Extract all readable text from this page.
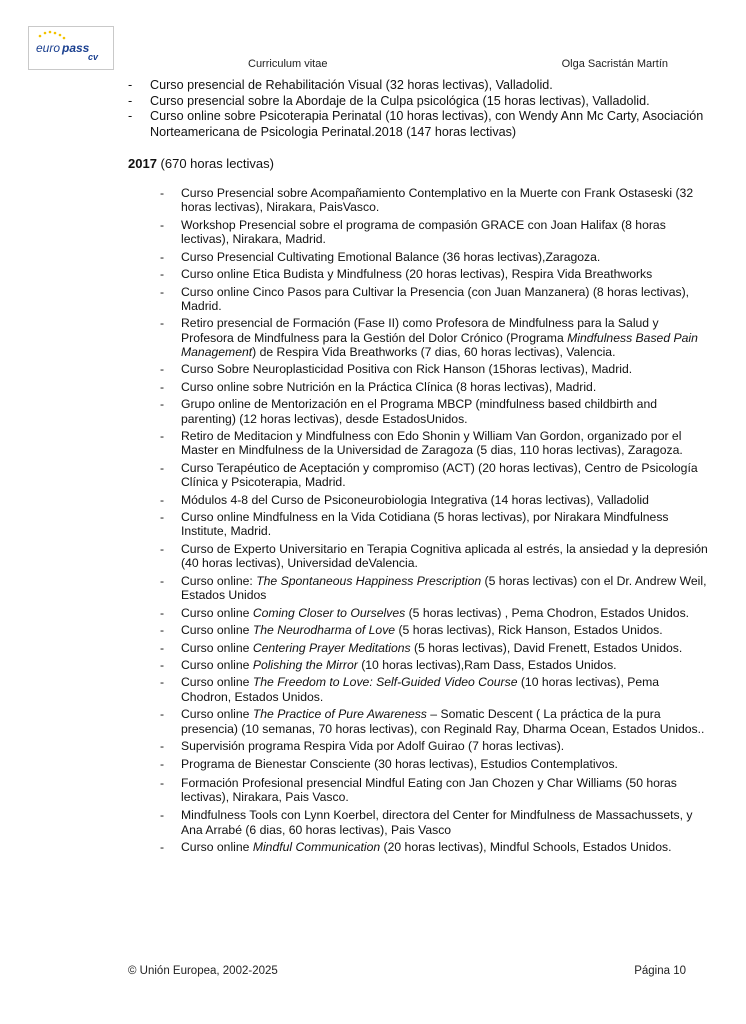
euro pass
cv
Curriculum vitae	Olga Sacristán Martín
- Curso presencial de Rehabilitación Visual (32 horas lectivas), Valladolid.
- Curso presencial sobre la Abordaje de la Culpa psicológica (15 horas lectivas), Valladolid.
- Curso online sobre Psicoterapia Perinatal (10 horas lectivas), con Wendy Ann Mc Carty, Asociación Norteamericana de Psicologia Perinatal.2018 (147 horas lectivas)
2017 (670 horas lectivas)
- Curso Presencial sobre Acompañamiento Contemplativo en la Muerte con Frank Ostaseski (32 horas lectivas), Nirakara, PaisVasco.
- Workshop Presencial sobre el programa de compasión GRACE con Joan Halifax (8 horas lectivas), Nirakara, Madrid.
- Curso Presencial Cultivating Emotional Balance (36 horas lectivas),Zaragoza.
- Curso online Etica Budista y Mindfulness (20 horas lectivas), Respira Vida Breathworks
- Curso online Cinco Pasos para Cultivar la Presencia (con Juan Manzanera) (8 horas lectivas), Madrid.
- Retiro presencial de Formación (Fase II) como Profesora de Mindfulness para la Salud y Profesora de Mindfulness para la Gestión del Dolor Crónico (Programa Mindfulness Based Pain Management) de Respira Vida Breathworks (7 dias, 60 horas lectivas), Valencia.
- Curso Sobre Neuroplasticidad Positiva con Rick Hanson (15horas lectivas), Madrid.
- Curso online sobre Nutrición en la Práctica Clínica (8 horas lectivas), Madrid.
- Grupo online de Mentorización en el Programa MBCP (mindfulness based childbirth and parenting) (12 horas lectivas), desde EstadosUnidos.
- Retiro de Meditacion y Mindfulness con Edo Shonin y William Van Gordon, organizado por el Master en Mindfulness de la Universidad de Zaragoza (5 dias, 110 horas lectivas), Zaragoza.
- Curso Terapéutico de Aceptación y compromiso (ACT) (20 horas lectivas), Centro de Psicología Clínica y Psicoterapia, Madrid.
- Módulos 4-8 del Curso de Psiconeurobiologia Integrativa (14 horas lectivas), Valladolid
- Curso online Mindfulness en la Vida Cotidiana (5 horas lectivas), por Nirakara Mindfulness Institute, Madrid.
- Curso de Experto Universitario en Terapia Cognitiva aplicada al estrés, la ansiedad y la depresión (40 horas lectivas), Universidad deValencia.
- Curso online: The Spontaneous Happiness Prescription (5 horas lectivas) con el Dr. Andrew Weil, Estados Unidos
- Curso online Coming Closer to Ourselves (5 horas lectivas) , Pema Chodron, Estados Unidos.
- Curso online The Neurodharma of Love (5 horas lectivas), Rick Hanson, Estados Unidos.
- Curso online Centering Prayer Meditations (5 horas lectivas), David Frenett, Estados Unidos.
- Curso online Polishing the Mirror (10 horas lectivas),Ram Dass, Estados Unidos.
- Curso online The Freedom to Love: Self-Guided Video Course (10 horas lectivas), Pema Chodron, Estados Unidos.
- Curso online The Practice of Pure Awareness – Somatic Descent ( La práctica de la pura presencia) (10 semanas, 70 horas lectivas), con Reginald Ray, Dharma Ocean, Estados Unidos..
- Supervisión programa Respira Vida por Adolf Guirao (7 horas lectivas).
- Programa de Bienestar Consciente (30 horas lectivas), Estudios Contemplativos.
- Formación Profesional presencial Mindful Eating con Jan Chozen y Char Williams (50 horas lectivas), Nirakara, Pais Vasco.
- Mindfulness Tools con Lynn Koerbel, directora del Center for Mindfulness de Massachussets, y Ana Arrabé (6 dias, 60 horas lectivas), Pais Vasco
- Curso online Mindful Communication (20 horas lectivas), Mindful Schools, Estados Unidos.
© Unión Europea, 2002-2025	Página 10
